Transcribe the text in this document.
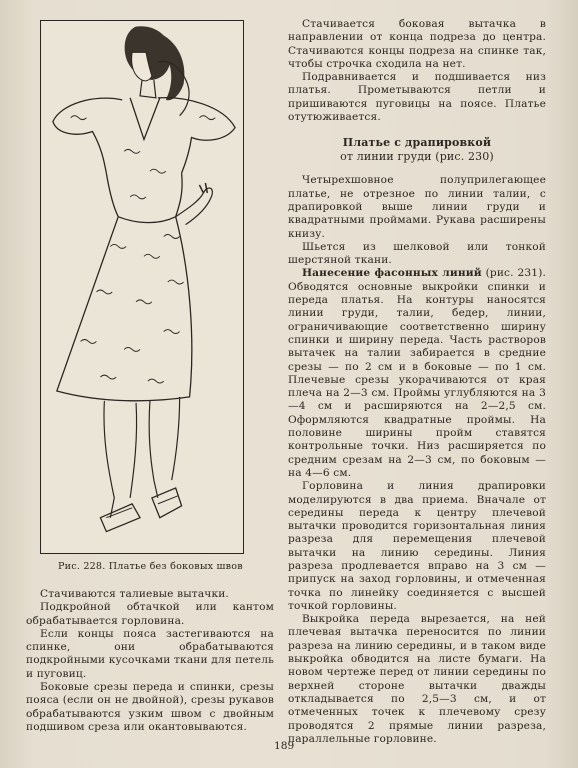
Рис. 228. Платье без боковых швов

Стачиваются талиевые вытачки.

Подкройной обтачкой или кантом обрабатывается горловина.

Если концы пояса застегиваются на спинке, они обрабатываются подкройными кусочками ткани для петель и пуговиц.

Боковые срезы переда и спинки, срезы пояса (если он не двойной), срезы рукавов обрабатываются узким швом с двойным подшивом среза или окантовываются.

Стачивается боковая вытачка в направлении от конца подреза до центра. Стачиваются концы подреза на спинке так, чтобы строчка сходила на нет.

Подравнивается и подшивается низ платья. Прометываются петли и пришиваются пуговицы на поясе. Платье отутюживается.

Платье с драпировкой
от линии груди (рис. 230)

Четырехшовное полуприлегающее платье, не отрезное по линии талии, с драпировкой выше линии груди и квадратными проймами. Рукава расширены книзу.

Шьется из шелковой или тонкой шерстяной ткани.

Нанесение фасонных линий (рис. 231). Обводятся основные выкройки спинки и переда платья. На контуры наносятся линии груди, талии, бедер, линии, ограничивающие соответственно ширину спинки и ширину переда. Часть растворов вытачек на талии забирается в средние срезы — по 2 см и в боковые — по 1 см. Плечевые срезы укорачиваются от края плеча на 2—3 см. Проймы углубляются на 3—4 см и расширяются на 2—2,5 см. Оформляются квадратные проймы. На половине ширины пройм ставятся контрольные точки. Низ расширяется по средним срезам на 2—3 см, по боковым — на 4—6 см.

Горловина и линия драпировки моделируются в два приема. Вначале от середины переда к центру плечевой вытачки проводится горизонтальная линия разреза для перемещения плечевой вытачки на линию середины. Линия разреза продлевается вправо на 3 см — припуск на заход горловины, и отмеченная точка по линейку соединяется с высшей точкой горловины.

Выкройка переда вырезается, на ней плечевая вытачка переносится по линии разреза на линию середины, и в таком виде выкройка обводится на листе бумаги. На новом чертеже перед от линии середины по верхней стороне вытачки дважды откладывается по 2,5—3 см, и от отмеченных точек к плечевому срезу проводятся 2 прямые линии разреза, параллельные горловине.

189
